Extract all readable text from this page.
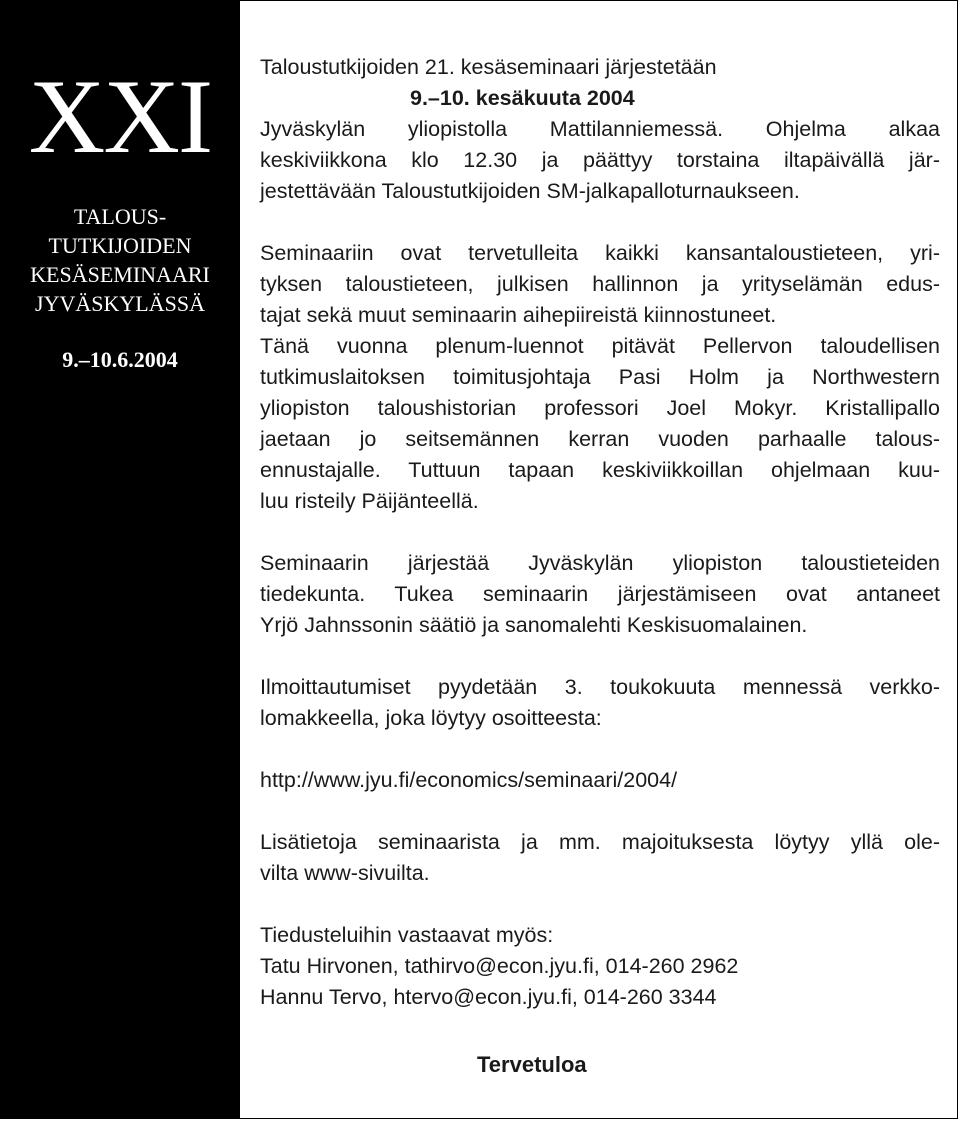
XXI
TALOUS-
TUTKIJOIDEN
KESÄSEMINAARI
JYVÄSKYLÄSSÄ
9.–10.6.2004

Taloustutkijoiden 21. kesäseminaari järjestetään
9.–10. kesäkuuta 2004
Jyväskylän yliopistolla Mattilanniemessä. Ohjelma alkaa
keskiviikkona klo 12.30 ja päättyy torstaina iltapäivällä jär-
jestettävään Taloustutkijoiden SM-jalkapalloturnaukseen.

Seminaariin ovat tervetulleita kaikki kansantaloustieteen, yri-
tyksen taloustieteen, julkisen hallinnon ja yrityselämän edus-
tajat sekä muut seminaarin aihepiireistä kiinnostuneet.

Tänä vuonna plenum-luennot pitävät Pellervon taloudellisen
tutkimuslaitoksen toimitusjohtaja Pasi Holm ja Northwestern
yliopiston taloushistorian professori Joel Mokyr. Kristallipallo
jaetaan jo seitsemännen kerran vuoden parhaalle talous-
ennustajalle. Tuttuun tapaan keskiviikkoillan ohjelmaan kuu-
luu risteily Päijänteellä.

Seminaarin järjestää Jyväskylän yliopiston taloustieteiden
tiedekunta. Tukea seminaarin järjestämiseen ovat antaneet
Yrjö Jahnssonin säätiö ja sanomalehti Keskisuomalainen.

Ilmoittautumiset pyydetään 3. toukokuuta mennessä verkko-
lomakkeella, joka löytyy osoitteesta:

http://www.jyu.fi/economics/seminaari/2004/

Lisätietoja seminaarista ja mm. majoituksesta löytyy yllä ole-
vilta www-sivuilta.

Tiedusteluihin vastaavat myös:
Tatu Hirvonen, tathirvo@econ.jyu.fi, 014-260 2962
Hannu Tervo, htervo@econ.jyu.fi, 014-260 3344

Tervetuloa
